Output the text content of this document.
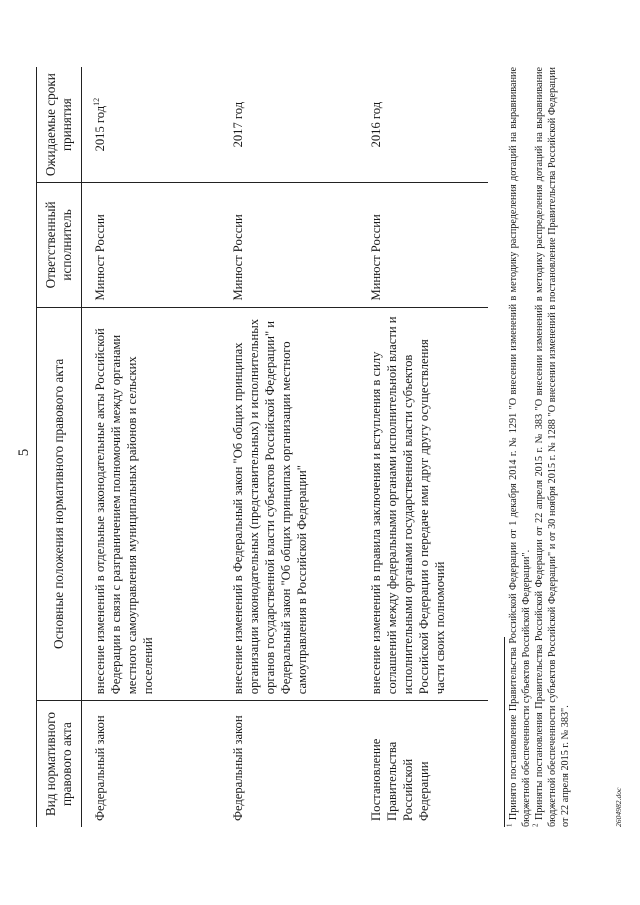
5
Вид нормативного правового акта	Основные положения нормативного правового акта	Ответственный исполнитель	Ожидаемые сроки принятия
Федеральный закон	внесение изменений в отдельные законодательные акты Российской Федерации в связи с разграничением полномочий между органами местного самоуправления муниципальных районов и сельских поселений	Минюст России	2015 год$^{12}$
Федеральный закон	внесение изменений в Федеральный закон "Об общих принципах организации законодательных (представительных) и исполнительных органов государственной власти субъектов Российской Федерации" и Федеральный закон "Об общих принципах организации местного самоуправления в Российской Федерации"	Минюст России	2017 год
Постановление Правительства Российской Федерации	внесение изменений в правила заключения и вступления в силу соглашений между федеральными органами исполнительной власти и исполнительными органами государственной власти субъектов Российской Федерации о передаче ими друг другу осуществления части своих полномочий	Минюст России	2016 год

$^1$ Принято постановление Правительства Российской Федерации от 1 декабря 2014 г. № 1291 "О внесении изменений в методику распределения дотаций на выравнивание бюджетной обеспеченности субъектов Российской Федерации". $^2$ Приняты постановления Правительства Российской Федерации от 22 апреля 2015 г. № 383 "О внесении изменений в методику распределения дотаций на выравнивание бюджетной обеспеченности субъектов Российской Федерации" и от 30 ноября 2015 г. № 1288 "О внесении изменений в постановление Правительства Российской Федерации от 22 апреля 2015 г. № 383".	2604982.doc
